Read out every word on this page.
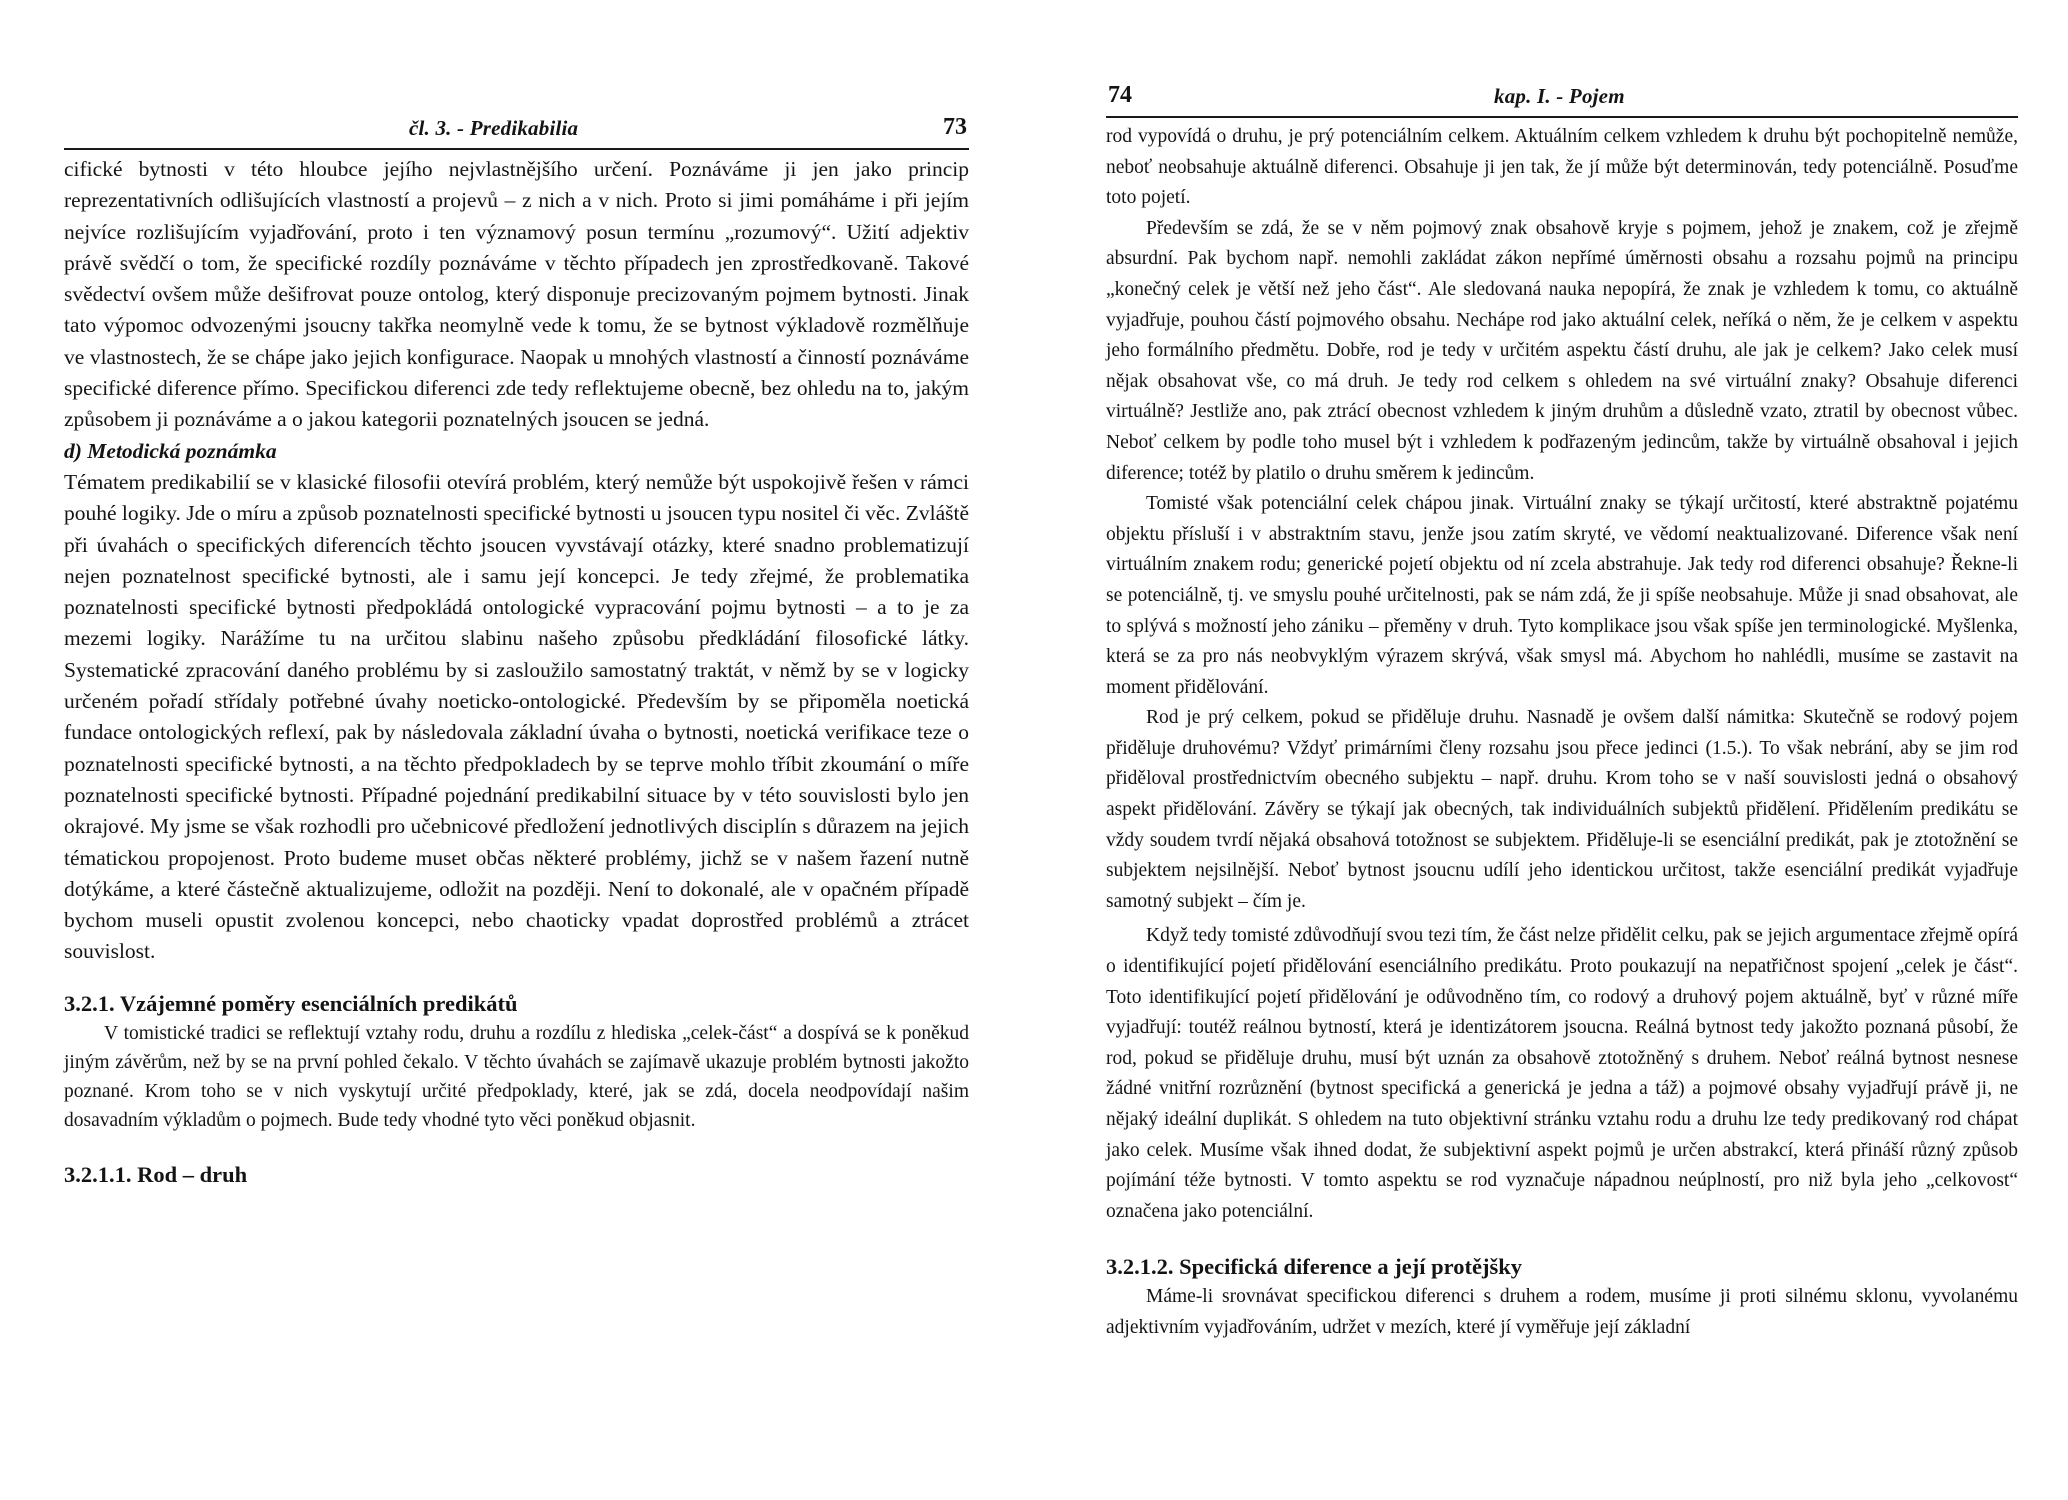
čl. 3. - Predikabilia	73

cifické bytnosti v této hloubce jejího nejvlastnějšího určení. Poznáváme ji jen jako princip reprezentativních odlišujících vlastností a projevů – z nich a v nich. Proto si jimi pomáháme i při jejím nejvíce rozlišujícím vyjadřování, proto i ten významový posun termínu „rozumový“. Užití adjektiv právě svědčí o tom, že specifické rozdíly poznáváme v těchto případech jen zprostředkovaně. Takové svědectví ovšem může dešifrovat pouze ontolog, který disponuje precizovaným pojmem bytnosti. Jinak tato výpomoc odvozenými jsoucny takřka neomylně vede k tomu, že se bytnost výkladově rozmělňuje ve vlastnostech, že se chápe jako jejich konfigurace. Naopak u mnohých vlastností a činností poznáváme specifické diference přímo. Specifickou diferenci zde tedy reflektujeme obecně, bez ohledu na to, jakým způsobem ji poznáváme a o jakou kategorii poznatelných jsoucen se jedná.

d) Metodická poznámka

Tématem predikabilií se v klasické filosofii otevírá problém, který nemůže být uspokojivě řešen v rámci pouhé logiky. Jde o míru a způsob poznatelnosti specifické bytnosti u jsoucen typu nositel či věc. Zvláště při úvahách o specifických diferencích těchto jsoucen vyvstávají otázky, které snadno problematizují nejen poznatelnost specifické bytnosti, ale i samu její koncepci. Je tedy zřejmé, že problematika poznatelnosti specifické bytnosti předpokládá ontologické vypracování pojmu bytnosti – a to je za mezemi logiky. Narážíme tu na určitou slabinu našeho způsobu předkládání filosofické látky. Systematické zpracování daného problému by si zasloužilo samostatný traktát, v němž by se v logicky určeném pořadí střídaly potřebné úvahy noeticko-ontologické. Především by se připoměla noetická fundace ontologických reflexí, pak by následovala základní úvaha o bytnosti, noetická verifikace teze o poznatelnosti specifické bytnosti, a na těchto předpokladech by se teprve mohlo tříbit zkoumání o míře poznatelnosti specifické bytnosti. Případné pojednání predikabilní situace by v této souvislosti bylo jen okrajové. My jsme se však rozhodli pro učebnicové předložení jednotlivých disciplín s důrazem na jejich tématickou propojenost. Proto budeme muset občas některé problémy, jichž se v našem řazení nutně dotýkáme, a které částečně aktualizujeme, odložit na později. Není to dokonalé, ale v opačném případě bychom museli opustit zvolenou koncepci, nebo chaoticky vpadat doprostřed problémů a ztrácet souvislost.

3.2.1. Vzájemné poměry esenciálních predikátů

V tomistické tradici se reflektují vztahy rodu, druhu a rozdílu z hlediska „celek-část“ a dospívá se k poněkud jiným závěrům, než by se na první pohled čekalo. V těchto úvahách se zajímavě ukazuje problém bytnosti jakožto poznané. Krom toho se v nich vyskytují určité předpoklady, které, jak se zdá, docela neodpovídají našim dosavadním výkladům o pojmech. Bude tedy vhodné tyto věci poněkud objasnit.

3.2.1.1. Rod – druh
74	kap. I. - Pojem

rod vypovídá o druhu, je prý potenciálním celkem. Aktuálním celkem vzhledem k druhu být pochopitelně nemůže, neboť neobsahuje aktuálně diferenci. Obsahuje ji jen tak, že jí může být determinován, tedy potenciálně. Posuďme toto pojetí.

Především se zdá, že se v něm pojmový znak obsahově kryje s pojmem, jehož je znakem, což je zřejmě absurdní. Pak bychom např. nemohli zakládat zákon nepřímé úměrnosti obsahu a rozsahu pojmů na principu „konečný celek je větší než jeho část“. Ale sledovaná nauka nepopírá, že znak je vzhledem k tomu, co aktuálně vyjadřuje, pouhou částí pojmového obsahu. Nechápe rod jako aktuální celek, neříká o něm, že je celkem v aspektu jeho formálního předmětu. Dobře, rod je tedy v určitém aspektu částí druhu, ale jak je celkem? Jako celek musí nějak obsahovat vše, co má druh. Je tedy rod celkem s ohledem na své virtuální znaky? Obsahuje diferenci virtuálně? Jestliže ano, pak ztrácí obecnost vzhledem k jiným druhům a důsledně vzato, ztratil by obecnost vůbec. Neboť celkem by podle toho musel být i vzhledem k podřazeným jedincům, takže by virtuálně obsahoval i jejich diference; totéž by platilo o druhu směrem k jedincům.

Tomisté však potenciální celek chápou jinak. Virtuální znaky se týkají určitostí, které abstraktně pojatému objektu přísluší i v abstraktním stavu, jenže jsou zatím skryté, ve vědomí neaktualizované. Diference však není virtuálním znakem rodu; generické pojetí objektu od ní zcela abstrahuje. Jak tedy rod diferenci obsahuje? Řekne-li se potenciálně, tj. ve smyslu pouhé určitelnosti, pak se nám zdá, že ji spíše neobsahuje. Může ji snad obsahovat, ale to splývá s možností jeho zániku – přeměny v druh. Tyto komplikace jsou však spíše jen terminologické. Myšlenka, která se za pro nás neobvyklým výrazem skrývá, však smysl má. Abychom ho nahlédli, musíme se zastavit na moment přidělování.

Rod je prý celkem, pokud se přiděluje druhu. Nasnadě je ovšem další námitka: Skutečně se rodový pojem přiděluje druhovému? Vždyť primárními členy rozsahu jsou přece jedinci (1.5.). To však nebrání, aby se jim rod přiděloval prostřednictvím obecného subjektu – např. druhu. Krom toho se v naší souvislosti jedná o obsahový aspekt přidělování. Závěry se týkají jak obecných, tak individuálních subjektů přidělení. Přidělením predikátu se vždy soudem tvrdí nějaká obsahová totožnost se subjektem. Přiděluje-li se esenciální predikát, pak je ztotožnění se subjektem nejsilnější. Neboť bytnost jsoucnu udílí jeho identickou určitost, takže esenciální predikát vyjadřuje samotný subjekt – čím je.

Když tedy tomisté zdůvodňují svou tezi tím, že část nelze přidělit celku, pak se jejich argumentace zřejmě opírá o identifikující pojetí přidělování esenciálního predikátu. Proto poukazují na nepatřičnost spojení „celek je část“. Toto identifikující pojetí přidělování je odůvodněno tím, co rodový a druhový pojem aktuálně, byť v různé míře vyjadřují: toutéž reálnou bytností, která je identizátorem jsoucna. Reálná bytnost tedy jakožto poznaná působí, že rod, pokud se přiděluje druhu, musí být uznán za obsahově ztotožněný s druhem. Neboť reálná bytnost nesnese žádné vnitřní rozrůznění (bytnost specifická a generická je jedna a táž) a pojmové obsahy vyjadřují právě ji, ne nějaký ideální duplikát. S ohledem na tuto objektivní stránku vztahu rodu a druhu lze tedy predikovaný rod chápat jako celek. Musíme však ihned dodat, že subjektivní aspekt pojmů je určen abstrakcí, která přináší různý způsob pojímání téže bytnosti. V tomto aspektu se rod vyznačuje nápadnou neúplností, pro niž byla jeho „celkovost“ označena jako potenciální.

3.2.1.2. Specifická diference a její protějšky

Máme-li srovnávat specifickou diferenci s druhem a rodem, musíme ji proti silnému sklonu, vyvolanému adjektivním vyjadřováním, udržet v mezích, které jí vyměřuje její základní
